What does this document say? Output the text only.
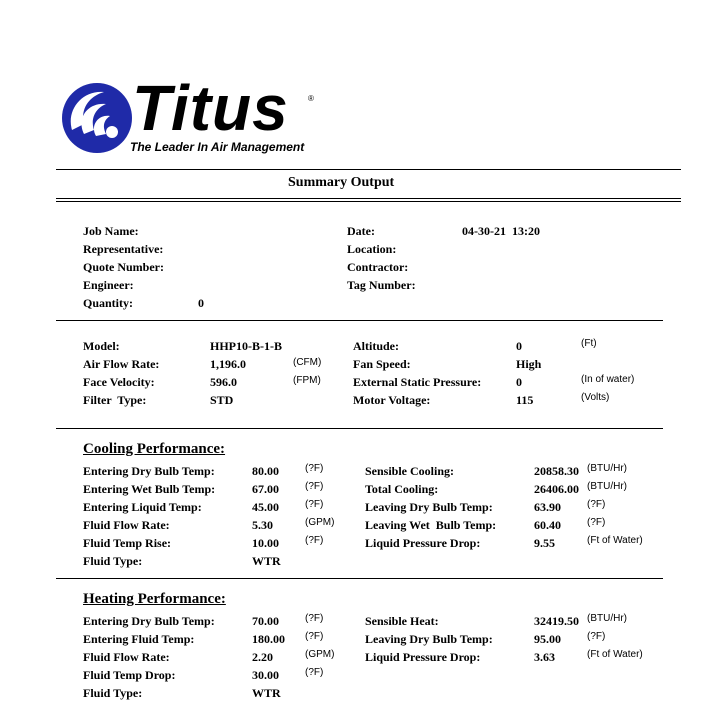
Titus ®
The Leader In Air Management
Summary Output
Job Name:
Representative:
Quote Number:
Engineer:
Quantity:	0
Date:	04-30-21  13:20
Location:
Contractor:
Tag Number:
Model:	HHP10-B-1-B
Air Flow Rate:	1,196.0	(CFM)
Face Velocity:	596.0	(FPM)
Filter  Type:	STD
Altitude:	0	(Ft)
Fan Speed:	High
External Static Pressure:	0	(In of water)
Motor Voltage:	115	(Volts)
Cooling Performance:
Entering Dry Bulb Temp:	80.00	(?F)
Entering Wet Bulb Temp:	67.00	(?F)
Entering Liquid Temp:	45.00	(?F)
Fluid Flow Rate:	5.30	(GPM)
Fluid Temp Rise:	10.00	(?F)
Fluid Type:	WTR
Sensible Cooling:	20858.30 (BTU/Hr)
Total Cooling:	26406.00 (BTU/Hr)
Leaving Dry Bulb Temp:	63.90	(?F)
Leaving Wet  Bulb Temp:	60.40	(?F)
Liquid Pressure Drop:	9.55	(Ft of Water)
Heating Performance:
Entering Dry Bulb Temp:	70.00	(?F)
Entering Fluid Temp:	180.00 (?F)
Fluid Flow Rate:	2.20	(GPM)
Fluid Temp Drop:	30.00	(?F)
Fluid Type:	WTR
Sensible Heat:	32419.50 (BTU/Hr)
Leaving Dry Bulb Temp:	95.00	(?F)
Liquid Pressure Drop:	3.63	(Ft of Water)
